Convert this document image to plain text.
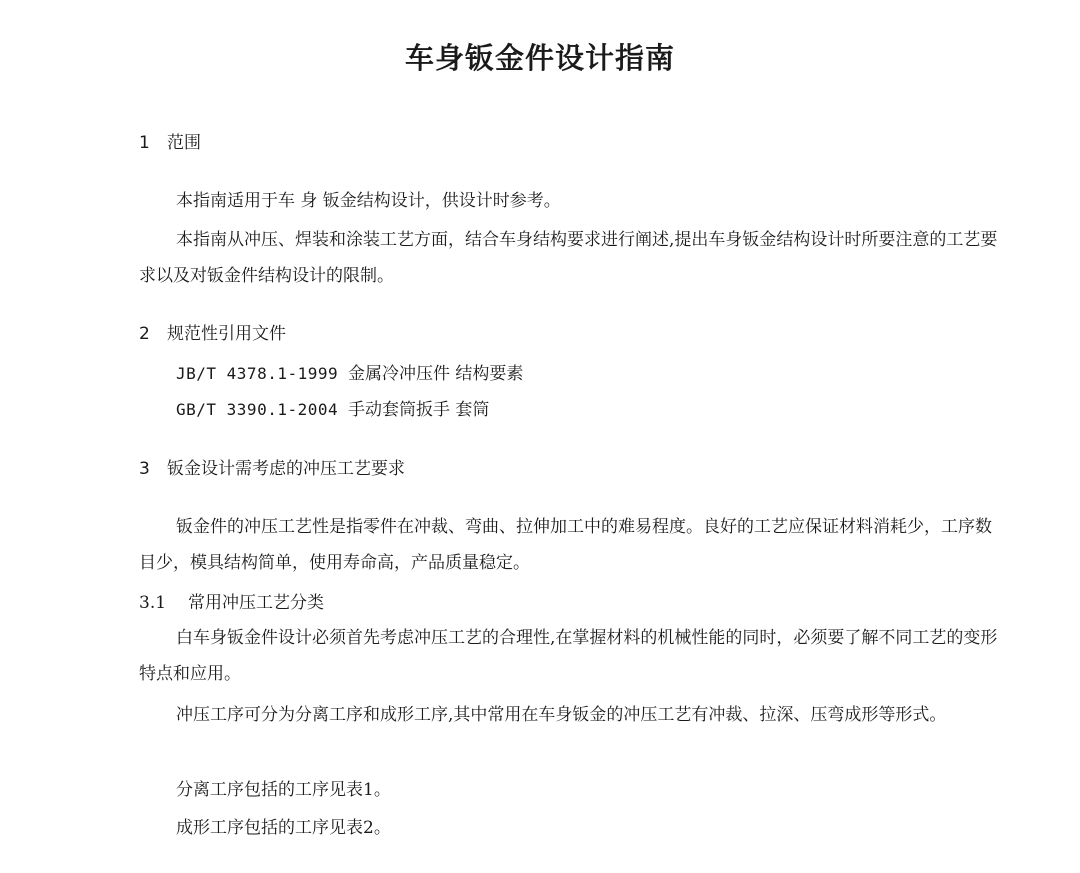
车身钣金件设计指南
1 范围

本指南适用于车 身 钣金结构设计，供设计时参考。

本指南从冲压、焊装和涂装工艺方面，结合车身结构要求进行阐述,提出车身钣金结构设计时所要注意的工艺要求以及对钣金件结构设计的限制。

2 规范性引用文件
JB/T 4378.1-1999 金属冷冲压件 结构要素
GB/T 3390.1-2004 手动套筒扳手 套筒
3 钣金设计需考虑的冲压工艺要求

钣金件的冲压工艺性是指零件在冲裁、弯曲、拉伸加工中的难易程度。良好的工艺应保证材料消耗少，工序数目少，模具结构简单，使用寿命高，产品质量稳定。

3.1 常用冲压工艺分类

白车身钣金件设计必须首先考虑冲压工艺的合理性,在掌握材料的机械性能的同时，必须要了解不同工艺的变形特点和应用。

冲压工序可分为分离工序和成形工序,其中常用在车身钣金的冲压工艺有冲裁、拉深、压弯成形等形式。

分离工序包括的工序见表1。

成形工序包括的工序见表2。
